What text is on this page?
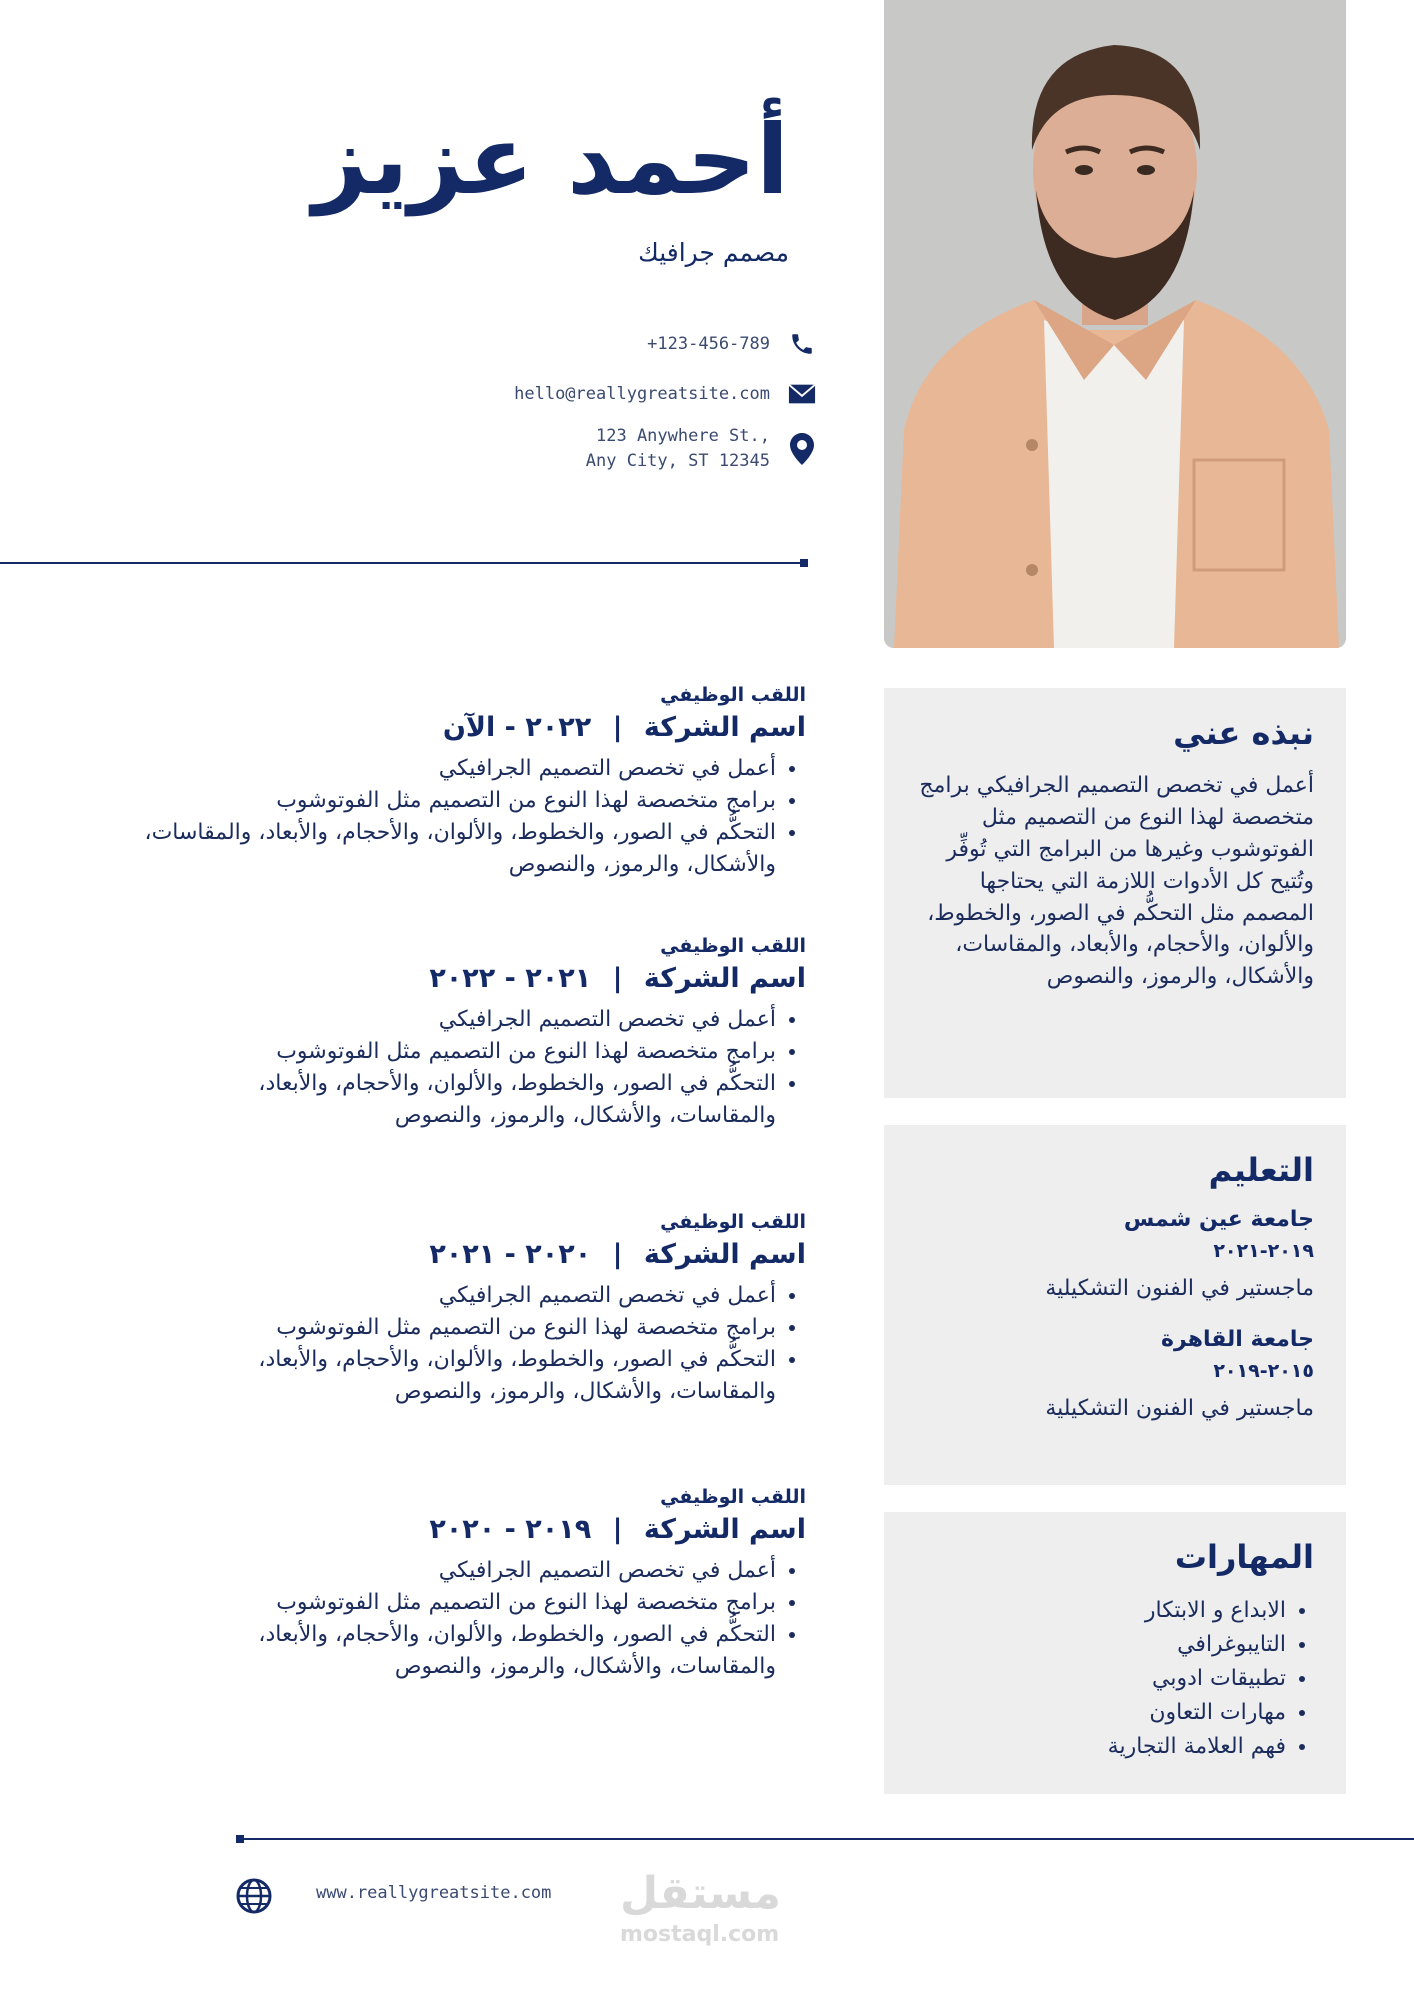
أحمد عزيز
مصمم جرافيك
+123-456-789
hello@reallygreatsite.com
123 Anywhere St.,
Any City, ST 12345
نبذه عني

أعمل في تخصص التصميم الجرافيكي برامج متخصصة لهذا النوع من التصميم مثل الفوتوشوب وغيرها من البرامج التي تُوفِّر وتُتيح كل الأدوات اللازمة التي يحتاجها المصمم مثل التحكُّم في الصور، والخطوط، والألوان، والأحجام، والأبعاد، والمقاسات، والأشكال، والرموز، والنصوص

التعليم

جامعة عين شمس

٢٠١٩-٢٠٢١

ماجستير في الفنون التشكيلية

جامعة القاهرة

٢٠١٥-٢٠١٩

ماجستير في الفنون التشكيلية

المهارات
• الابداع و الابتكار
• التايبوغرافي
• تطبيقات ادوبي
• مهارات التعاون
• فهم العلامة التجارية

اللقب الوظيفي

اسم الشركة | ٢٠٢٢ - الآن

• أعمل في تخصص التصميم الجرافيكي
• برامج متخصصة لهذا النوع من التصميم مثل الفوتوشوب
• التحكُّم في الصور، والخطوط، والألوان، والأحجام، والأبعاد، والمقاسات، والأشكال، والرموز، والنصوص

اللقب الوظيفي

اسم الشركة | ٢٠٢١ - ٢٠٢٢

• أعمل في تخصص التصميم الجرافيكي
• برامج متخصصة لهذا النوع من التصميم مثل الفوتوشوب
• التحكُّم في الصور، والخطوط، والألوان، والأحجام، والأبعاد، والمقاسات، والأشكال، والرموز، والنصوص

اللقب الوظيفي

اسم الشركة | ٢٠٢٠ - ٢٠٢١

• أعمل في تخصص التصميم الجرافيكي
• برامج متخصصة لهذا النوع من التصميم مثل الفوتوشوب
• التحكُّم في الصور، والخطوط، والألوان، والأحجام، والأبعاد، والمقاسات، والأشكال، والرموز، والنصوص

اللقب الوظيفي

اسم الشركة | ٢٠١٩ - ٢٠٢٠

• أعمل في تخصص التصميم الجرافيكي
• برامج متخصصة لهذا النوع من التصميم مثل الفوتوشوب
• التحكُّم في الصور، والخطوط، والألوان، والأحجام، والأبعاد، والمقاسات، والأشكال، والرموز، والنصوص
www.reallygreatsite.com مستقل
mostaql.com
